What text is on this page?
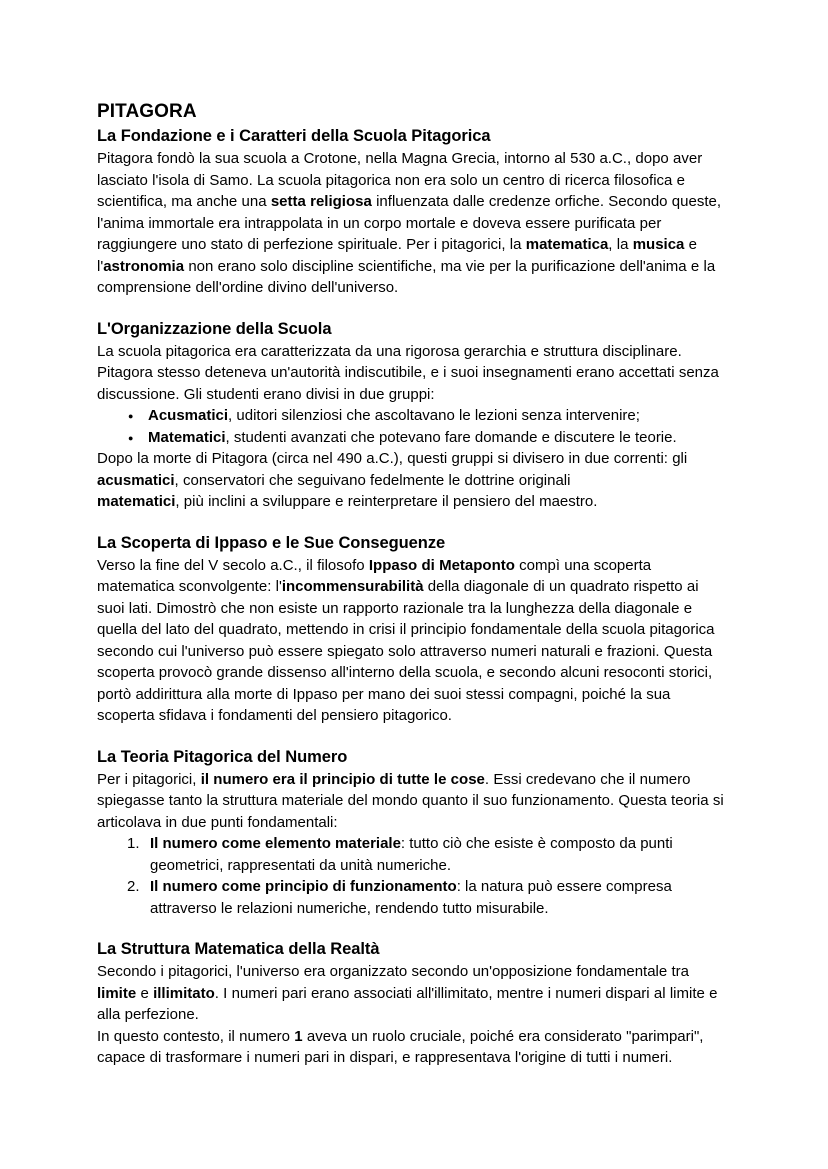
PITAGORA
La Fondazione e i Caratteri della Scuola Pitagorica

Pitagora fondò la sua scuola a Crotone, nella Magna Grecia, intorno al 530 a.C., dopo aver lasciato l'isola di Samo. La scuola pitagorica non era solo un centro di ricerca filosofica e scientifica, ma anche una setta religiosa influenzata dalle credenze orfiche. Secondo queste, l'anima immortale era intrappolata in un corpo mortale e doveva essere purificata per raggiungere uno stato di perfezione spirituale. Per i pitagorici, la matematica, la musica e l'astronomia non erano solo discipline scientifiche, ma vie per la purificazione dell'anima e la comprensione dell'ordine divino dell'universo.

L'Organizzazione della Scuola

La scuola pitagorica era caratterizzata da una rigorosa gerarchia e struttura disciplinare. Pitagora stesso deteneva un'autorità indiscutibile, e i suoi insegnamenti erano accettati senza discussione. Gli studenti erano divisi in due gruppi:

● Acusmatici, uditori silenziosi che ascoltavano le lezioni senza intervenire;
● Matematici, studenti avanzati che potevano fare domande e discutere le teorie.

Dopo la morte di Pitagora (circa nel 490 a.C.), questi gruppi si divisero in due correnti: gli acusmatici, conservatori che seguivano fedelmente le dottrine originali

matematici, più inclini a sviluppare e reinterpretare il pensiero del maestro.

La Scoperta di Ippaso e le Sue Conseguenze

Verso la fine del V secolo a.C., il filosofo Ippaso di Metaponto compì una scoperta matematica sconvolgente: l'incommensurabilità della diagonale di un quadrato rispetto ai suoi lati. Dimostrò che non esiste un rapporto razionale tra la lunghezza della diagonale e quella del lato del quadrato, mettendo in crisi il principio fondamentale della scuola pitagorica secondo cui l'universo può essere spiegato solo attraverso numeri naturali e frazioni. Questa scoperta provocò grande dissenso all'interno della scuola, e secondo alcuni resoconti storici, portò addirittura alla morte di Ippaso per mano dei suoi stessi compagni, poiché la sua scoperta sfidava i fondamenti del pensiero pitagorico.

La Teoria Pitagorica del Numero

Per i pitagorici, il numero era il principio di tutte le cose. Essi credevano che il numero spiegasse tanto la struttura materiale del mondo quanto il suo funzionamento. Questa teoria si articolava in due punti fondamentali:

Il numero come elemento materiale: tutto ciò che esiste è composto da punti geometrici, rappresentati da unità numeriche.
Il numero come principio di funzionamento: la natura può essere compresa attraverso le relazioni numeriche, rendendo tutto misurabile.
La Struttura Matematica della Realtà

Secondo i pitagorici, l'universo era organizzato secondo un'opposizione fondamentale tra limite e illimitato. I numeri pari erano associati all'illimitato, mentre i numeri dispari al limite e alla perfezione.

In questo contesto, il numero 1 aveva un ruolo cruciale, poiché era considerato "parimpari", capace di trasformare i numeri pari in dispari, e rappresentava l'origine di tutti i numeri.
